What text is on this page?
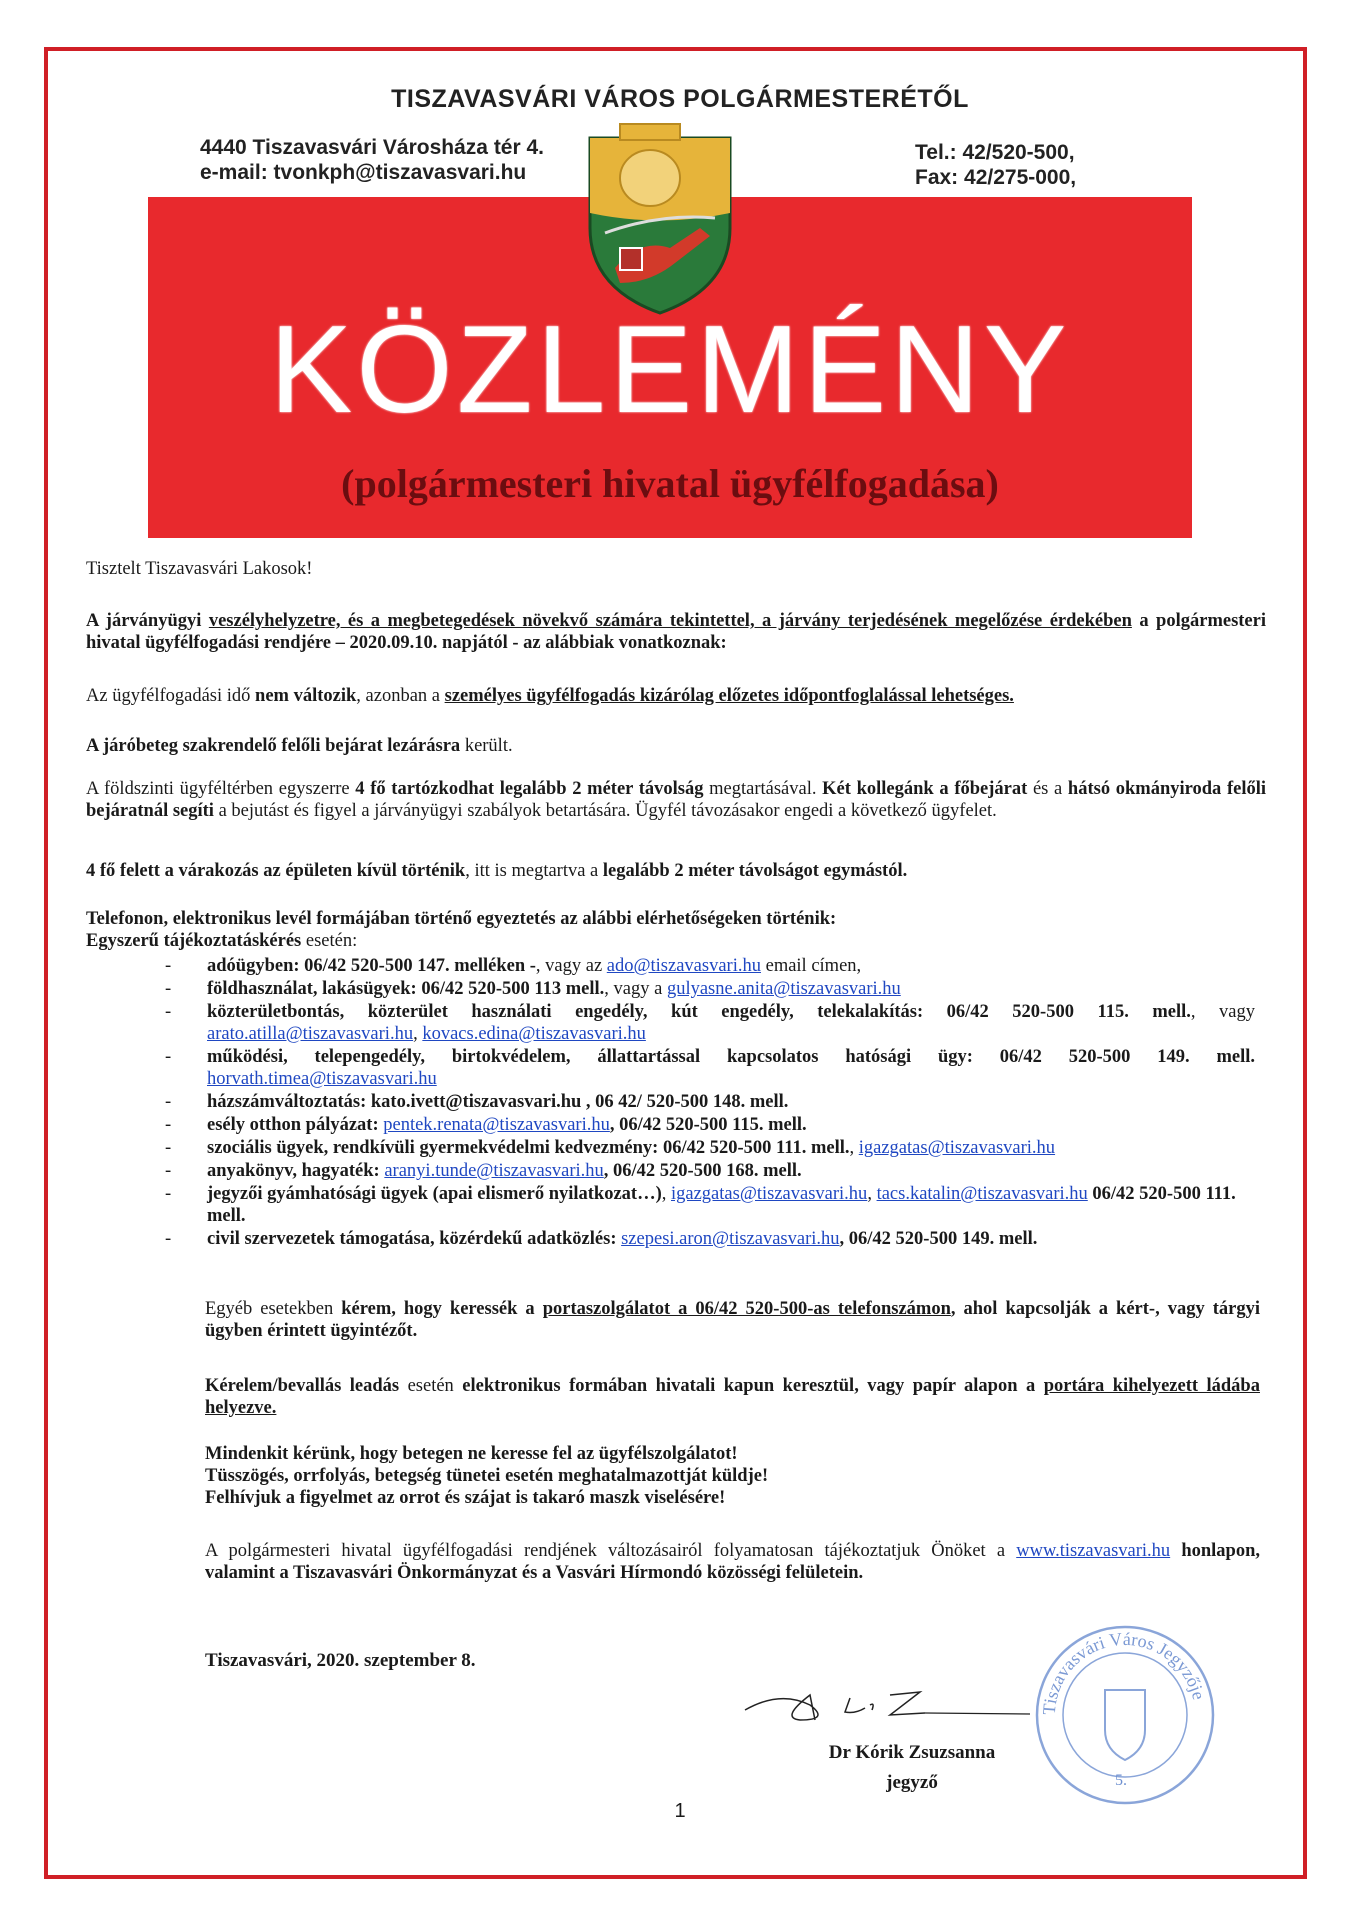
TISZAVASVÁRI VÁROS POLGÁRMESTERÉTŐL
4440 Tiszavasvári Városháza tér 4.
e-mail: tvonkph@tiszavasvari.hu
Tel.: 42/520-500,
Fax: 42/275-000,
KÖZLEMÉNY
(polgármesteri hivatal ügyfélfogadása)

Tisztelt Tiszavasvári Lakosok!

A járványügyi veszélyhelyzetre, és a megbetegedések növekvő számára tekintettel, a járvány terjedésének megelőzése érdekében a polgármesteri hivatal ügyfélfogadási rendjére – 2020.09.10. napjától - az alábbiak vonatkoznak:

Az ügyfélfogadási idő nem változik, azonban a személyes ügyfélfogadás kizárólag előzetes időpontfoglalással lehetséges.

A járóbeteg szakrendelő felőli bejárat lezárásra került.

A földszinti ügyféltérben egyszerre 4 fő tartózkodhat legalább 2 méter távolság megtartásával. Két kollegánk a főbejárat és a hátsó okmányiroda felőli bejáratnál segíti a bejutást és figyel a járványügyi szabályok betartására. Ügyfél távozásakor engedi a következő ügyfelet.

4 fő felett a várakozás az épületen kívül történik, itt is megtartva a legalább 2 méter távolságot egymástól.

Telefonon, elektronikus levél formájában történő egyeztetés az alábbi elérhetőségeken történik:
Egyszerű tájékoztatáskérés esetén:

- adóügyben: 06/42 520-500 147. melléken -, vagy az ado@tiszavasvari.hu email címen,
- földhasználat, lakásügyek: 06/42 520-500 113 mell., vagy a gulyasne.anita@tiszavasvari.hu
- közterületbontás, közterület használati engedély, kút engedély, telekalakítás: 06/42 520-500 115. mell., vagy arato.atilla@tiszavasvari.hu, kovacs.edina@tiszavasvari.hu
- működési, telepengedély, birtokvédelem, állattartással kapcsolatos hatósági ügy: 06/42 520-500 149. mell. horvath.timea@tiszavasvari.hu
- házszámváltoztatás: kato.ivett@tiszavasvari.hu , 06 42/ 520-500 148. mell.
- esély otthon pályázat: pentek.renata@tiszavasvari.hu, 06/42 520-500 115. mell.
- szociális ügyek, rendkívüli gyermekvédelmi kedvezmény: 06/42 520-500 111. mell., igazgatas@tiszavasvari.hu
- anyakönyv, hagyaték: aranyi.tunde@tiszavasvari.hu, 06/42 520-500 168. mell.
- jegyzői gyámhatósági ügyek (apai elismerő nyilatkozat…), igazgatas@tiszavasvari.hu, tacs.katalin@tiszavasvari.hu 06/42 520-500 111. mell.
- civil szervezetek támogatása, közérdekű adatközlés: szepesi.aron@tiszavasvari.hu, 06/42 520-500 149. mell.

Egyéb esetekben kérem, hogy keressék a portaszolgálatot a 06/42 520-500-as telefonszámon, ahol kapcsolják a kért-, vagy tárgyi ügyben érintett ügyintézőt.

Kérelem/bevallás leadás esetén elektronikus formában hivatali kapun keresztül, vagy papír alapon a portára kihelyezett ládába helyezve.

Mindenkit kérünk, hogy betegen ne keresse fel az ügyfélszolgálatot!
Tüsszögés, orrfolyás, betegség tünetei esetén meghatalmazottját küldje!
Felhívjuk a figyelmet az orrot és szájat is takaró maszk viselésére!

A polgármesteri hivatal ügyfélfogadási rendjének változásairól folyamatosan tájékoztatjuk Önöket a www.tiszavasvari.hu honlapon, valamint a Tiszavasvári Önkormányzat és a Vasvári Hírmondó közösségi felületein.

Tiszavasvári, 2020. szeptember 8.

Dr Kórik Zsuzsanna
jegyző
Tiszavasvári Város Jegyzője
5.
1
